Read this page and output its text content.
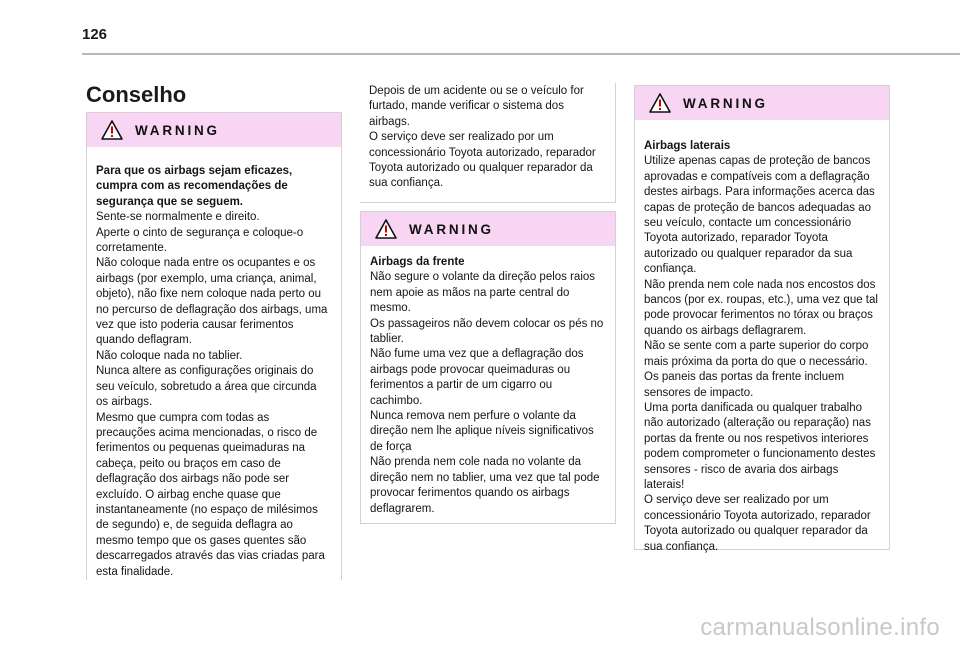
126
Conselho
WARNING

Para que os airbags sejam eficazes, cumpra com as recomendações de segurança que se seguem.

Sente-se normalmente e direito.

Aperte o cinto de segurança e coloque-o corretamente.

Não coloque nada entre os ocupantes e os airbags (por exemplo, uma criança, animal, objeto), não fixe nem coloque nada perto ou no percurso de deflagração dos airbags, uma vez que isto poderia causar ferimentos quando deflagram.

Não coloque nada no tablier.

Nunca altere as configurações originais do seu veículo, sobretudo a área que circunda os airbags.

Mesmo que cumpra com todas as precauções acima mencionadas, o risco de ferimentos ou pequenas queimaduras na cabeça, peito ou braços em caso de deflagração dos airbags não pode ser excluído. O airbag enche quase que instantaneamente (no espaço de milésimos de segundo) e, de seguida deflagra ao mesmo tempo que os gases quentes são descarregados através das vias criadas para esta finalidade.

Depois de um acidente ou se o veículo for furtado, mande verificar o sistema dos airbags.

O serviço deve ser realizado por um concessionário Toyota autorizado, reparador Toyota autorizado ou qualquer reparador da sua confiança.

WARNING

Airbags da frente

Não segure o volante da direção pelos raios nem apoie as mãos na parte central do mesmo.

Os passageiros não devem colocar os pés no tablier.

Não fume uma vez que a deflagração dos airbags pode provocar queimaduras ou ferimentos a partir de um cigarro ou cachimbo.

Nunca remova nem perfure o volante da direção nem lhe aplique níveis significativos de força

Não prenda nem cole nada no volante da direção nem no tablier, uma vez que tal pode provocar ferimentos quando os airbags deflagrarem.

WARNING

Airbags laterais

Utilize apenas capas de proteção de bancos aprovadas e compatíveis com a deflagração destes airbags. Para informações acerca das capas de proteção de bancos adequadas ao seu veículo, contacte um concessionário Toyota autorizado, reparador Toyota autorizado ou qualquer reparador da sua confiança.

Não prenda nem cole nada nos encostos dos bancos (por ex. roupas, etc.), uma vez que tal pode provocar ferimentos no tórax ou braços quando os airbags deflagrarem.

Não se sente com a parte superior do corpo mais próxima da porta do que o necessário.

Os paneis das portas da frente incluem sensores de impacto.

Uma porta danificada ou qualquer trabalho não autorizado (alteração ou reparação) nas portas da frente ou nos respetivos interiores podem comprometer o funcionamento destes sensores - risco de avaria dos airbags laterais!

O serviço deve ser realizado por um concessionário Toyota autorizado, reparador Toyota autorizado ou qualquer reparador da sua confiança.

carmanualsonline.info
